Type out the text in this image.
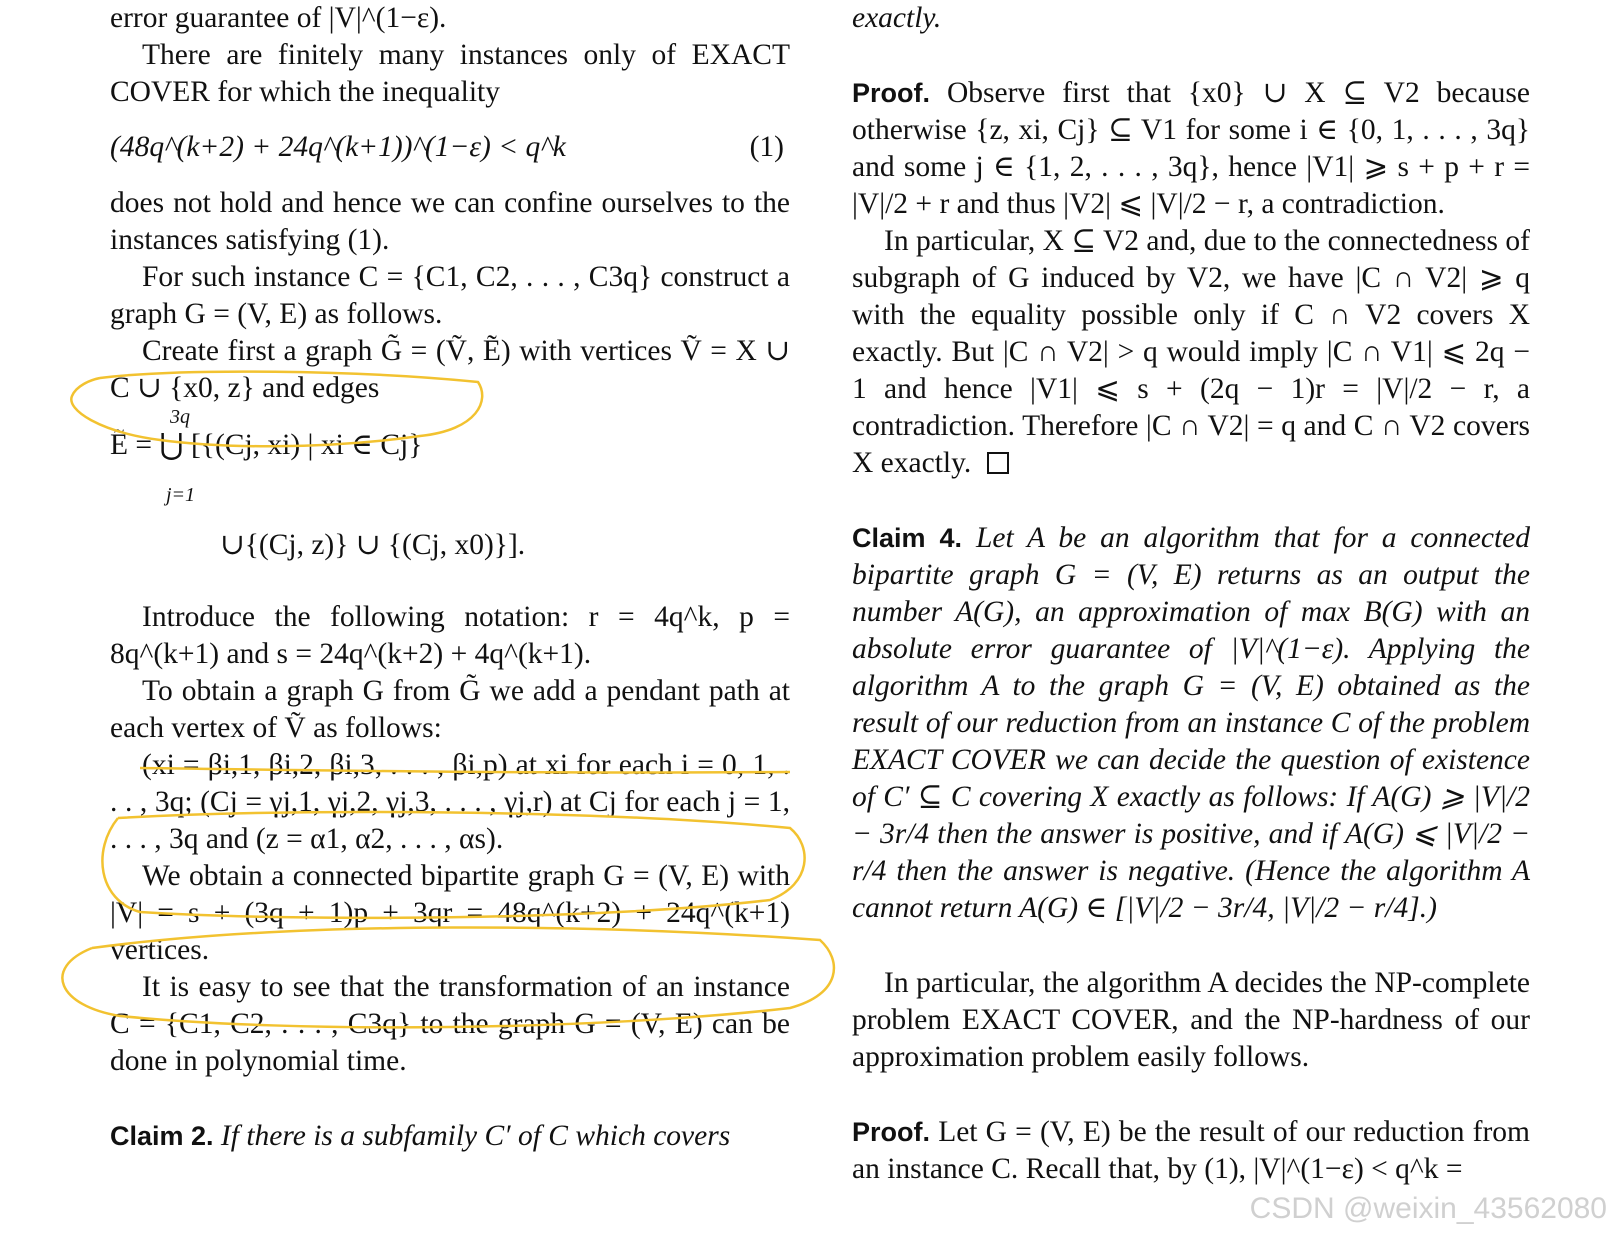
error guarantee of |V|^(1−ε).

There are finitely many instances only of EXACT COVER for which the inequality

(48q^(k+2) + 24q^(k+1))^(1−ε) < q^k	(1)

does not hold and hence we can confine ourselves to the instances satisfying (1).

For such instance C = {C1, C2, . . . , C3q} construct a graph G = (V, E) as follows.

Create first a graph G̃ = (Ṽ, Ẽ) with vertices Ṽ = X ∪ C ∪ {x0, z} and edges

3q
Ẽ = ⋃ [{(Cj, xi) | xi ∈ Cj}
j=1
∪{(Cj, z)} ∪ {(Cj, x0)}].

Introduce the following notation: r = 4q^k, p = 8q^(k+1) and s = 24q^(k+2) + 4q^(k+1).

To obtain a graph G from G̃ we add a pendant path at each vertex of Ṽ as follows:

(xi = βi,1, βi,2, βi,3, . . . , βi,p) at xi for each i = 0, 1, . . . , 3q; (Cj = γj,1, γj,2, γj,3, . . . , γj,r) at Cj for each j = 1, . . . , 3q and (z = α1, α2, . . . , αs).

We obtain a connected bipartite graph G = (V, E) with |V| = s + (3q + 1)p + 3qr = 48q^(k+2) + 24q^(k+1) vertices.

It is easy to see that the transformation of an instance C = {C1, C2, . . . , C3q} to the graph G = (V, E) can be done in polynomial time.

Claim 2. If there is a subfamily C′ of C which covers

exactly.

Proof. Observe first that {x0} ∪ X ⊆ V2 because otherwise {z, xi, Cj} ⊆ V1 for some i ∈ {0, 1, . . . , 3q} and some j ∈ {1, 2, . . . , 3q}, hence |V1| ⩾ s + p + r = |V|/2 + r and thus |V2| ⩽ |V|/2 − r, a contradiction.

In particular, X ⊆ V2 and, due to the connectedness of subgraph of G induced by V2, we have |C ∩ V2| ⩾ q with the equality possible only if C ∩ V2 covers X exactly. But |C ∩ V2| > q would imply |C ∩ V1| ⩽ 2q − 1 and hence |V1| ⩽ s + (2q − 1)r = |V|/2 − r, a contradiction. Therefore |C ∩ V2| = q and C ∩ V2 covers X exactly.

Claim 4. Let A be an algorithm that for a connected bipartite graph G = (V, E) returns as an output the number A(G), an approximation of max B(G) with an absolute error guarantee of |V|^(1−ε). Applying the algorithm A to the graph G = (V, E) obtained as the result of our reduction from an instance C of the problem EXACT COVER we can decide the question of existence of C′ ⊆ C covering X exactly as follows: If A(G) ⩾ |V|/2 − 3r/4 then the answer is positive, and if A(G) ⩽ |V|/2 − r/4 then the answer is negative. (Hence the algorithm A cannot return A(G) ∈ [|V|/2 − 3r/4, |V|/2 − r/4].)

In particular, the algorithm A decides the NP-complete problem EXACT COVER, and the NP-hardness of our approximation problem easily follows.

Proof. Let G = (V, E) be the result of our reduction from an instance C. Recall that, by (1), |V|^(1−ε) < q^k =

CSDN @weixin_43562080
